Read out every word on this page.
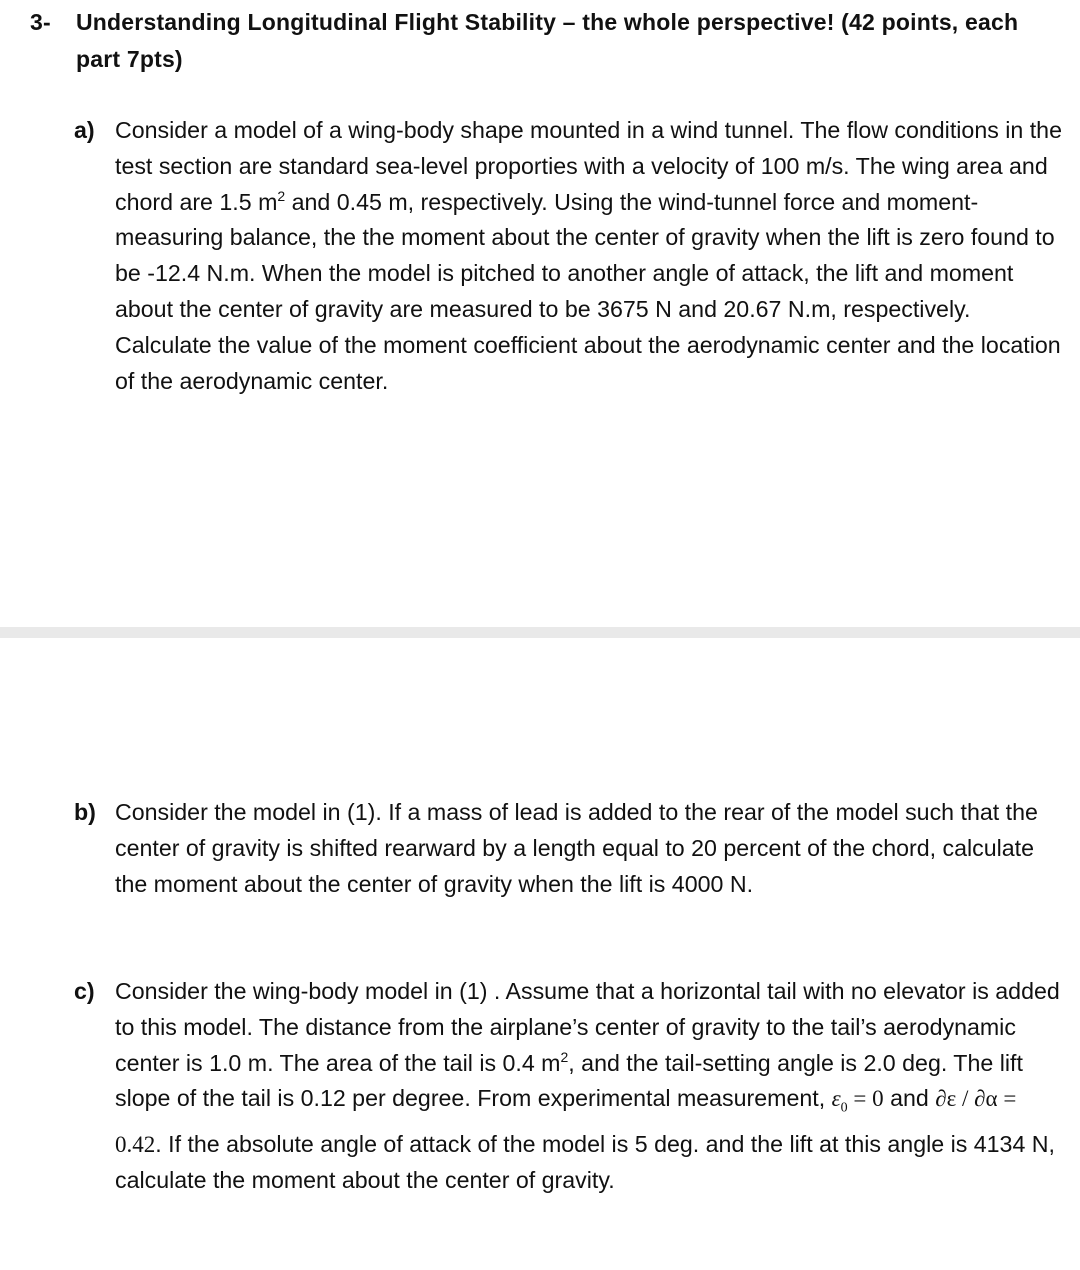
3- Understanding Longitudinal Flight Stability – the whole perspective! (42 points, each part 7pts)
a) Consider a model of a wing-body shape mounted in a wind tunnel. The flow conditions in the test section are standard sea-level proporties with a velocity of 100 m/s. The wing area and chord are 1.5 $m^2$ and 0.45 m, respectively. Using the wind-tunnel force and moment-measuring balance, the the moment about the center of gravity when the lift is zero found to be -12.4 N.m. When the model is pitched to another angle of attack, the lift and moment about the center of gravity are measured to be 3675 N and 20.67 N.m, respectively. Calculate the value of the moment coefficient about the aerodynamic center and the location of the aerodynamic center.
b) Consider the model in (1). If a mass of lead is added to the rear of the model such that the center of gravity is shifted rearward by a length equal to 20 percent of the chord, calculate the moment about the center of gravity when the lift is 4000 N.
c) Consider the wing-body model in (1) . Assume that a horizontal tail with no elevator is added to this model. The distance from the airplane’s center of gravity to the tail’s aerodynamic center is 1.0 m. The area of the tail is 0.4 $m^2$, and the tail-setting angle is 2.0 deg. The lift slope of the tail is 0.12 per degree. From experimental measurement, $\varepsilon_0 = 0$ and ∂ε / ∂α = 0.42. If the absolute angle of attack of the model is 5 deg. and the lift at this angle is 4134 N, calculate the moment about the center of gravity.
